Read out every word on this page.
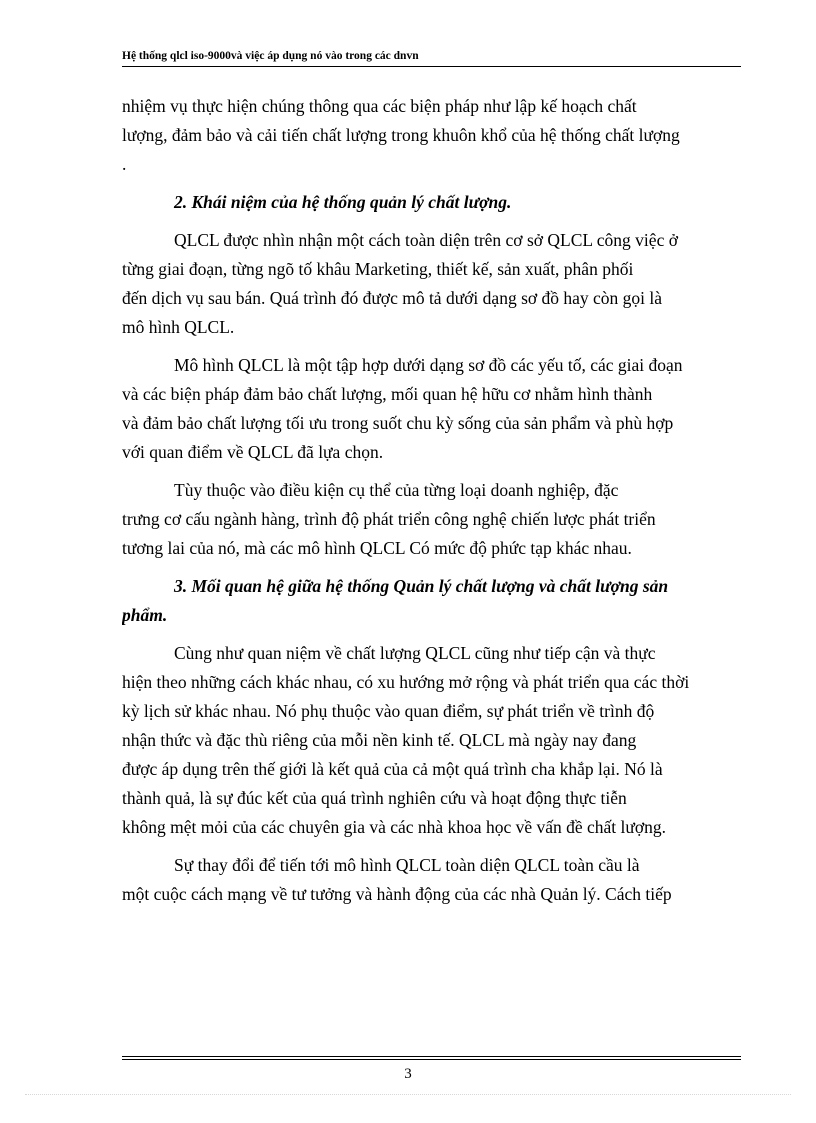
Hệ thống qlcl iso-9000và việc áp dụng nó vào trong các dnvn
nhiệm vụ thực hiện chúng thông qua các biện pháp như lập kế hoạch chất
lượng, đảm bảo và cải tiến chất lượng trong khuôn khổ của hệ thống chất lượng
.
2. Khái niệm của hệ thống quản lý chất lượng.
QLCL được nhìn nhận một cách toàn diện trên cơ sở QLCL công việc ở
từng giai đoạn, từng ngõ tố khâu Marketing, thiết kế, sản xuất, phân phối
đến dịch vụ sau bán. Quá trình đó được mô tả dưới dạng sơ đồ hay còn gọi là
mô hình QLCL.
Mô hình QLCL là một tập hợp dưới dạng sơ đồ các yếu tố, các giai đoạn
và các biện pháp đảm bảo chất lượng, mối quan hệ hữu cơ nhằm hình thành
và đảm bảo chất lượng tối ưu trong suốt chu kỳ sống của sản phẩm và phù hợp
với quan điểm về QLCL đã lựa chọn.
Tùy thuộc vào điều kiện cụ thể của từng loại doanh nghiệp, đặc
trưng cơ cấu ngành hàng, trình độ phát triển công nghệ chiến lược phát triển
tương lai của nó, mà các mô hình QLCL Có mức độ phức tạp khác nhau.
3. Mối quan hệ giữa hệ thống Quản lý chất lượng và chất lượng sản
phẩm.
Cùng như quan niệm về chất lượng QLCL cũng như tiếp cận và thực
hiện theo những cách khác nhau, có xu hướng mở rộng và phát triển qua các thời
kỳ lịch sử khác nhau. Nó phụ thuộc vào quan điểm, sự phát triển về trình độ
nhận thức và đặc thù riêng của mỗi nền kinh tế. QLCL mà ngày nay đang
được áp dụng trên thế giới là kết quả của cả một quá trình cha khắp lại. Nó là
thành quả, là sự đúc kết của quá trình nghiên cứu và hoạt động thực tiễn
không mệt mỏi của các chuyên gia và các nhà khoa học về vấn đề chất lượng.
Sự thay đổi để tiến tới mô hình QLCL toàn diện QLCL toàn cầu là
một cuộc cách mạng về tư tưởng và hành động của các nhà Quản lý. Cách tiếp
3
